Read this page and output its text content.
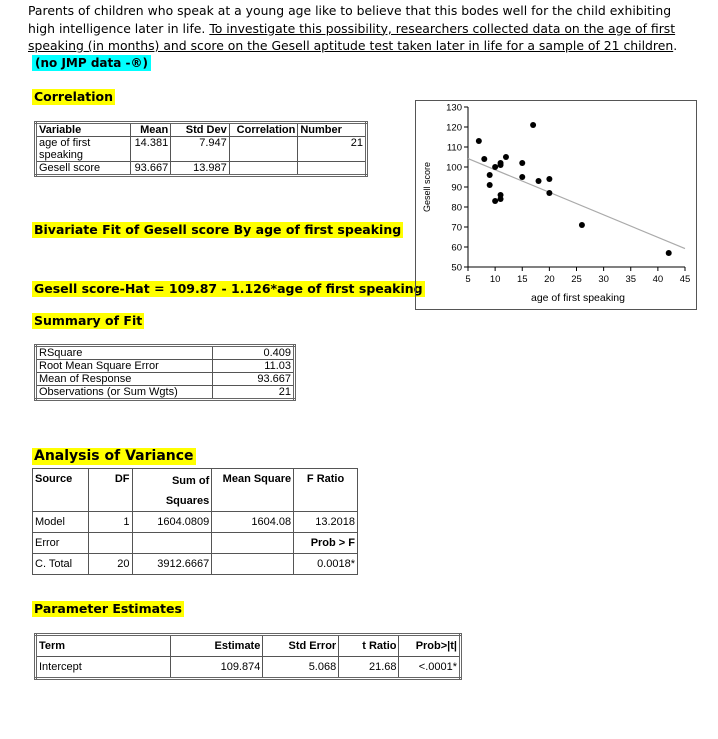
Parents of children who speak at a young age like to believe that this bodes well for the child exhibiting high intelligence later in life. To investigate this possibility, researchers collected data on the age of first speaking (in months) and score on the Gesell aptitude test taken later in life for a sample of 21 children.
(no JMP data -®)
Correlation
Variable	Mean	Std Dev	Correlation	Number
age of first speaking	14.381	7.947		21
Gesell score	93.667	13.987		
Bivariate Fit of Gesell score By age of first speaking
Gesell score-Hat = 109.87 - 1.126*age of first speaking
Summary of Fit
RSquare	0.409
Root Mean Square Error	11.03
Mean of Response	93.667
Observations (or Sum Wgts)	21
Analysis of Variance
Source	DF	Sum of Squares	Mean Square	F Ratio
Model	1	1604.0809	1604.08	13.2018
Error				Prob > F
C. Total	20	3912.6667		0.0018*
Parameter Estimates
Term	Estimate	Std Error	t Ratio	Prob>|t|
Intercept	109.874	5.068	21.68	<.0001*
50
60
70
80
90
100
110
120
130
5 10 15 20 25 30 35 40 45
Gesell score
age of first speaking
